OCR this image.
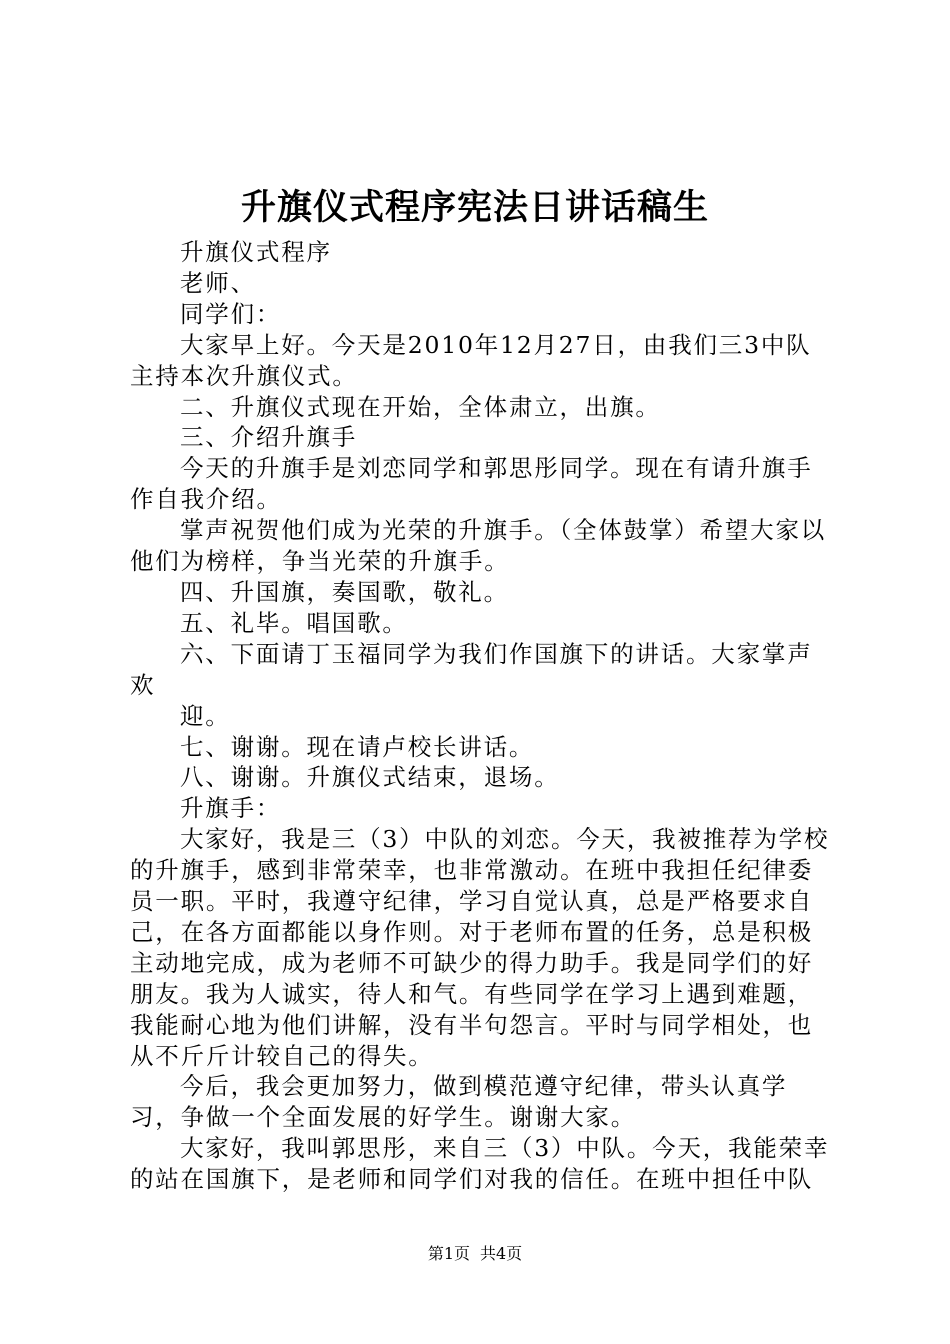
升旗仪式程序宪法日讲话稿生

升旗仪式程序

老师、

同学们：

大家早上好。今天是2010年12月27日，由我们三3中队主持本次升旗仪式。

二、升旗仪式现在开始，全体肃立，出旗。

三、介绍升旗手

今天的升旗手是刘恋同学和郭思彤同学。现在有请升旗手作自我介绍。

掌声祝贺他们成为光荣的升旗手。（全体鼓掌）希望大家以他们为榜样，争当光荣的升旗手。

四、升国旗，奏国歌，敬礼。

五、礼毕。唱国歌。

六、下面请丁玉福同学为我们作国旗下的讲话。大家掌声欢

迎。

七、谢谢。现在请卢校长讲话。

八、谢谢。升旗仪式结束，退场。

升旗手：

大家好，我是三（3）中队的刘恋。今天，我被推荐为学校的升旗手，感到非常荣幸，也非常激动。在班中我担任纪律委员一职。平时，我遵守纪律，学习自觉认真，总是严格要求自己，在各方面都能以身作则。对于老师布置的任务，总是积极主动地完成，成为老师不可缺少的得力助手。我是同学们的好朋友。我为人诚实，待人和气。有些同学在学习上遇到难题，我能耐心地为他们讲解，没有半句怨言。平时与同学相处，也从不斤斤计较自己的得失。

今后，我会更加努力，做到模范遵守纪律，带头认真学习，争做一个全面发展的好学生。谢谢大家。

大家好，我叫郭思彤，来自三（3）中队。今天，我能荣幸的站在国旗下，是老师和同学们对我的信任。在班中担任中队

第1页 共4页
